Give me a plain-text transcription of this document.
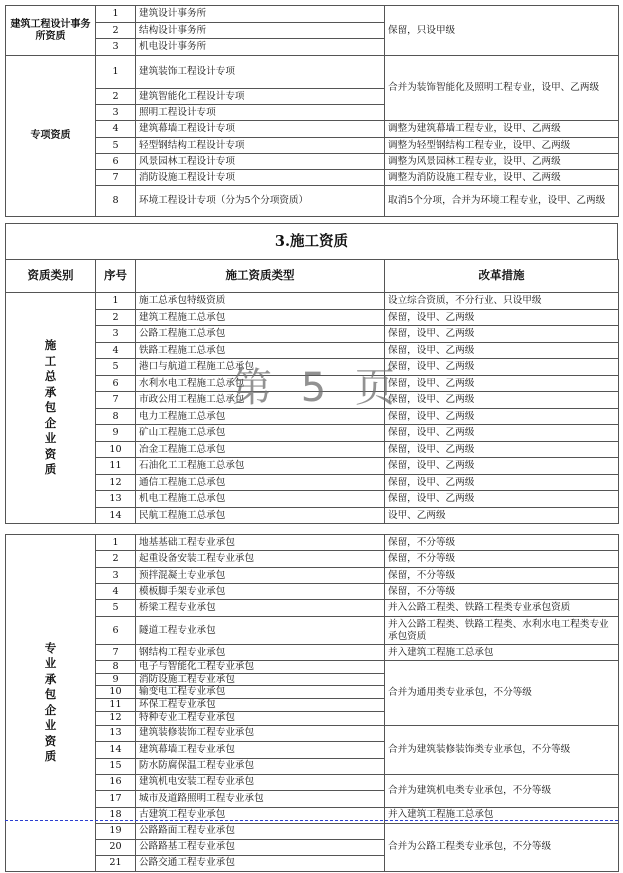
建筑工程设计事务所资质	1	建筑设计事务所	保留，只设甲级
	2	结构设计事务所	
	3	机电设计事务所	
专项资质	1	建筑装饰工程设计专项	合并为装饰智能化及照明工程专业，设甲、乙两级
	2	建筑智能化工程设计专项	
	3	照明工程设计专项	
	4	建筑幕墙工程设计专项	调整为建筑幕墙工程专业，设甲、乙两级
	5	轻型钢结构工程设计专项	调整为轻型钢结构工程专业，设甲、乙两级
	6	风景园林工程设计专项	调整为风景园林工程专业，设甲、乙两级
	7	消防设施工程设计专项	调整为消防设施工程专业，设甲、乙两级
	8	环境工程设计专项（分为5个分项资质）	取消5个分项，合并为环境工程专业，设甲、乙两级
3.施工资质
资质类别	序号	施工资质类型	改革措施
施工总承包企业资质	1	施工总承包特级资质	设立综合资质，不分行业、只设甲级
	2	建筑工程施工总承包	保留，设甲、乙两级
	3	公路工程施工总承包	保留，设甲、乙两级
	4	铁路工程施工总承包	保留，设甲、乙两级
	5	港口与航道工程施工总承包	保留，设甲、乙两级
	6	水利水电工程施工总承包	保留，设甲、乙两级
	7	市政公用工程施工总承包	保留，设甲、乙两级
	8	电力工程施工总承包	保留，设甲、乙两级
	9	矿山工程施工总承包	保留，设甲、乙两级
	10	冶金工程施工总承包	保留，设甲、乙两级
	11	石油化工工程施工总承包	保留，设甲、乙两级
	12	通信工程施工总承包	保留，设甲、乙两级
	13	机电工程施工总承包	保留，设甲、乙两级
	14	民航工程施工总承包	设甲、乙两级
专业承包企业资质	1	地基基础工程专业承包	保留，不分等级
	2	起重设备安装工程专业承包	保留，不分等级
	3	预拌混凝土专业承包	保留，不分等级
	4	模板脚手架专业承包	保留，不分等级
	5	桥梁工程专业承包	并入公路工程类、铁路工程类专业承包资质
	6	隧道工程专业承包	并入公路工程类、铁路工程类、水利水电工程类专业承包资质
	7	钢结构工程专业承包	并入建筑工程施工总承包
	8	电子与智能化工程专业承包	合并为通用类专业承包，不分等级
	9	消防设施工程专业承包	
	10	输变电工程专业承包	
	11	环保工程专业承包	
	12	特种专业工程专业承包	
	13	建筑装修装饰工程专业承包	合并为建筑装修装饰类专业承包，不分等级
	14	建筑幕墙工程专业承包	
	15	防水防腐保温工程专业承包	
	16	建筑机电安装工程专业承包	合并为建筑机电类专业承包，不分等级
	17	城市及道路照明工程专业承包	
	18	古建筑工程专业承包	并入建筑工程施工总承包
	19	公路路面工程专业承包	合并为公路工程类专业承包，不分等级
	20	公路路基工程专业承包	
	21	公路交通工程专业承包	
第 5 页
